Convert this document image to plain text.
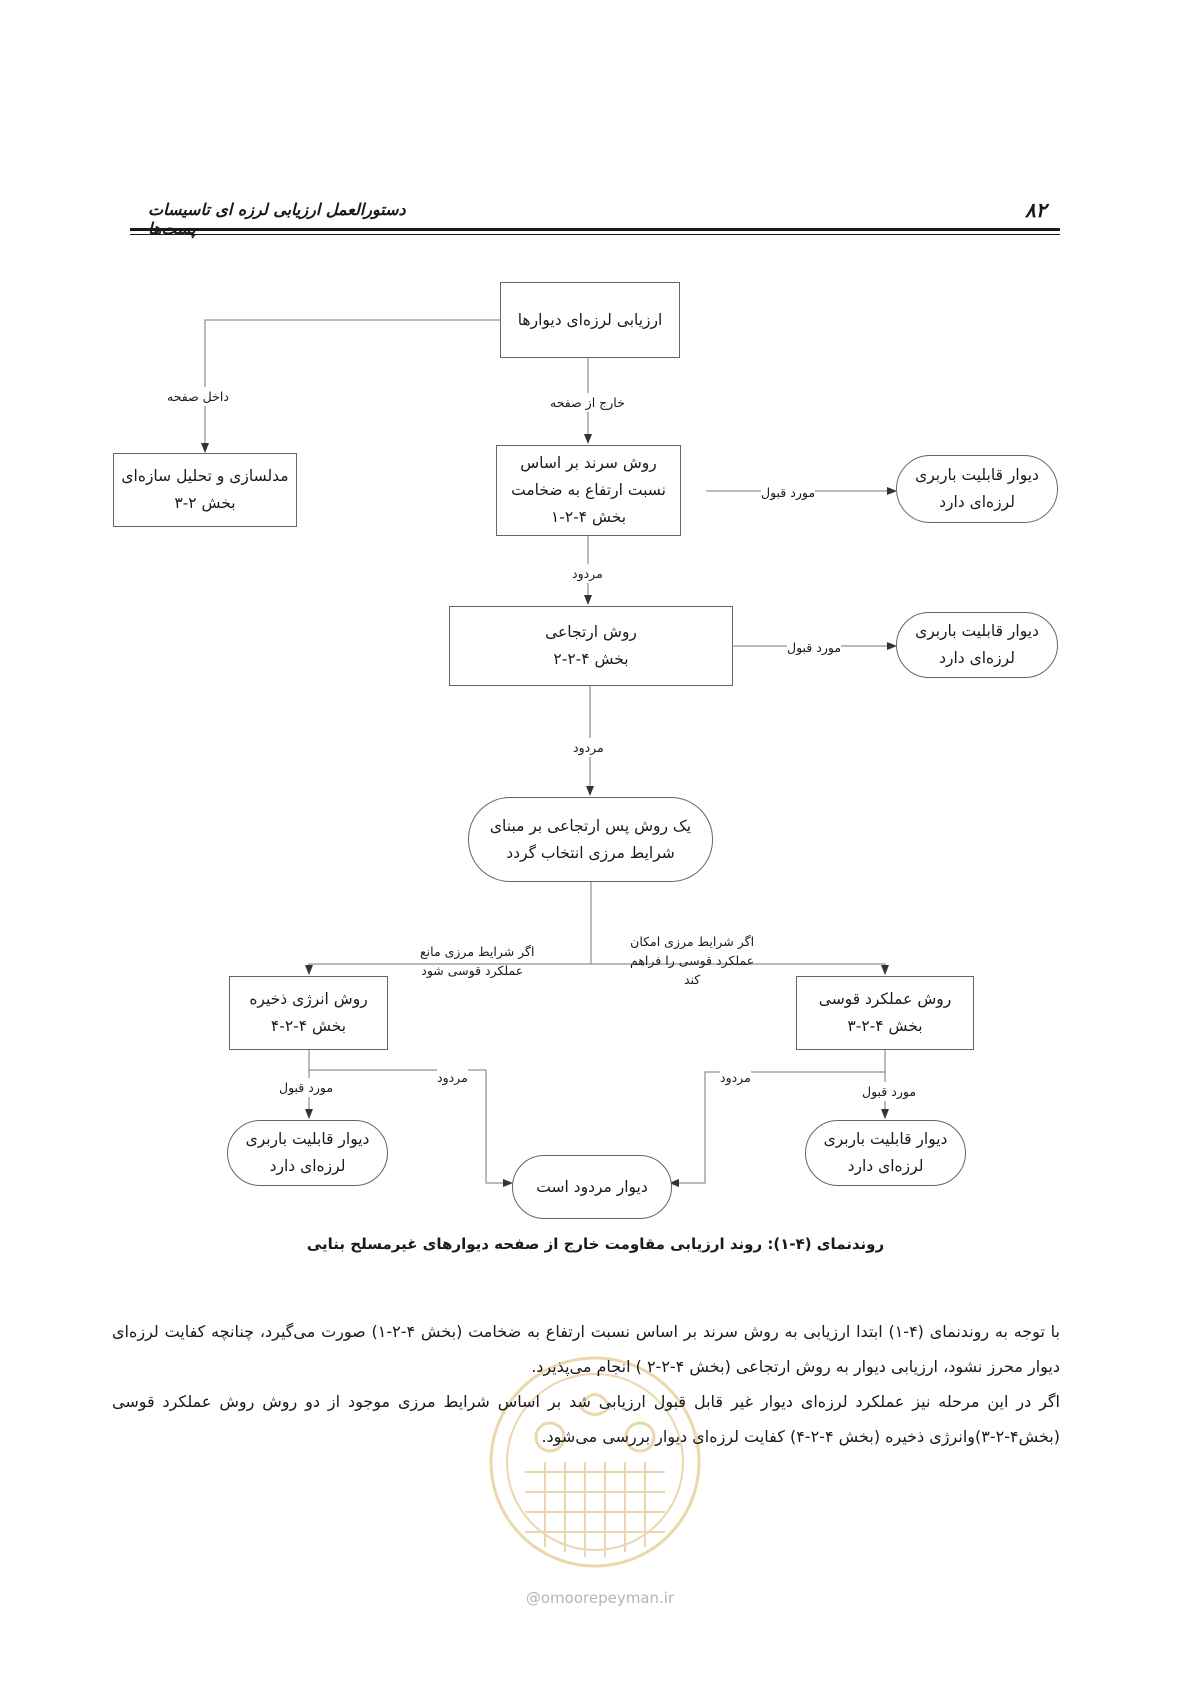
۸۲
دستورالعمل ارزیابی لرزه ای تاسیسات
ارزیابی لرزه‌ای دیوارها
مدلسازی و تحلیل سازه‌ای
بخش ۲-۳
روش سرند بر اساس
نسبت ارتفاع به ضخامت
بخش ۴-۲-۱
دیوار قابلیت باربری
لرزه‌ای دارد
روش ارتجاعی
بخش ۴-۲-۲
دیوار قابلیت باربری
لرزه‌ای دارد
یک روش پس ارتجاعی بر مبنای
شرایط مرزی انتخاب گردد
روش انرژی ذخیره
بخش ۴-۲-۴
روش عملکرد قوسی
بخش ۴-۲-۳
دیوار قابلیت باربری
لرزه‌ای دارد
دیوار قابلیت باربری
لرزه‌ای دارد
دیوار مردود است
داخل صفحه	خارج از صفحه
مورد قبول
مردود
مورد قبول
مردود
اگر شرایط مرزی مانع
عملکرد قوسی شود
اگر شرایط مرزی امکان
عملکرد قوسی را فراهم
کند
مورد قبول
مردود	مردود
مورد قبول
روندنمای (۴-۱): روند ارزیابی مقاومت خارج از صفحه دیوارهای غیرمسلح بنایی
با توجه به روندنمای (۴-۱) ابتدا ارزیابی به روش سرند بر اساس نسبت ارتفاع به ضخامت (بخش ۴-۲-۱) صورت می‌گیرد، چنانچه کفایت لرزه‌ای دیوار محرز نشود، ارزیابی دیوار به روش ارتجاعی (بخش ۴-۲-۲ ) انجام می‌پذیرد.
اگر در این مرحله نیز عملکرد لرزه‌ای دیوار غیر قابل قبول ارزیابی شد بر اساس شرایط مرزی موجود از دو روش روش عملکرد قوسی (بخش۴-۲-۳)وانرژی ذخیره (بخش ۴-۲-۴) کفایت لرزه‌ای دیوار بررسی می‌شود.
@omoorepeyman.ir
